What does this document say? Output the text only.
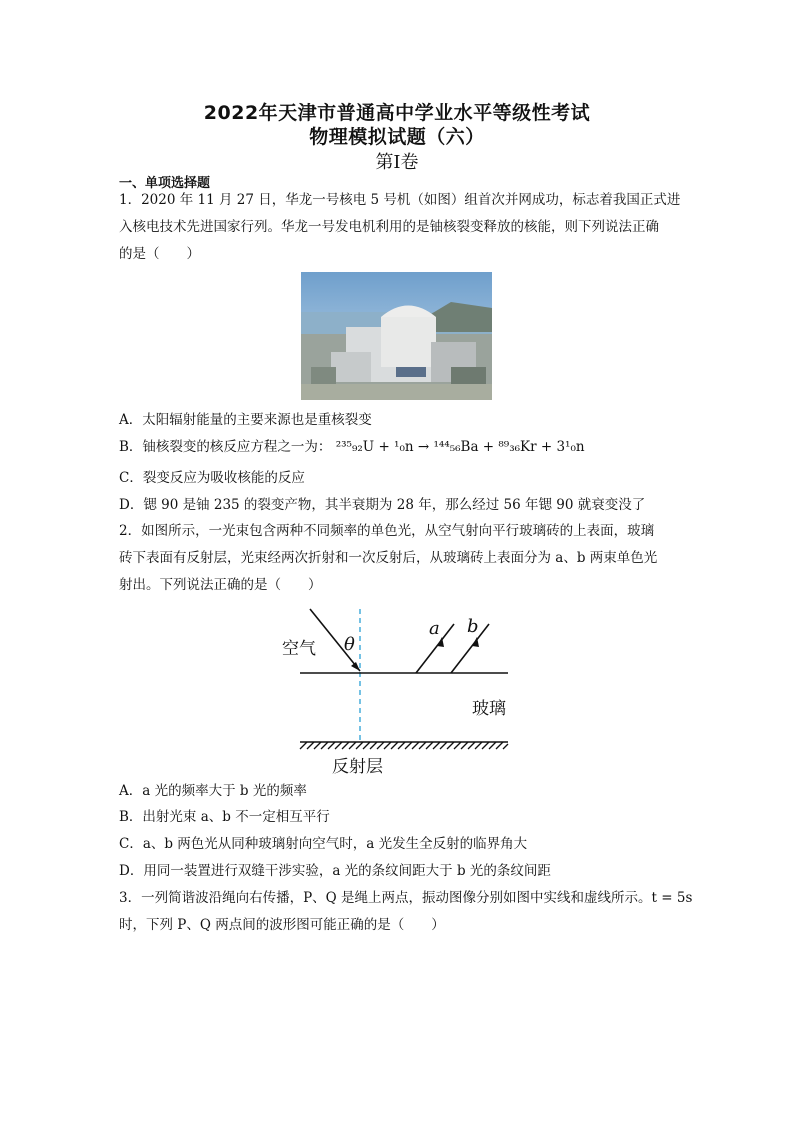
2022年天津市普通高中学业水平等级性考试
物理模拟试题（六）
第Ⅰ卷
一、单项选择题
1．2020 年 11 月 27 日，华龙一号核电 5 号机（如图）组首次并网成功，标志着我国正式进
入核电技术先进国家行列。华龙一号发电机利用的是铀核裂变释放的核能，则下列说法正确
的是（　　）
A．太阳辐射能量的主要来源也是重核裂变
B．铀核裂变的核反应方程之一为： ²³⁵₉₂U + ¹₀n → ¹⁴⁴₅₆Ba + ⁸⁹₃₆Kr + 3¹₀n
C．裂变反应为吸收核能的反应
D．锶 90 是铀 235 的裂变产物，其半衰期为 28 年，那么经过 56 年锶 90 就衰变没了
2．如图所示，一光束包含两种不同频率的单色光，从空气射向平行玻璃砖的上表面，玻璃
砖下表面有反射层，光束经两次折射和一次反射后，从玻璃砖上表面分为 a、b 两束单色光
射出。下列说法正确的是（　　）
空气 θ
a b
玻璃
反射层
A．a 光的频率大于 b 光的频率
B．出射光束 a、b 不一定相互平行
C．a、b 两色光从同种玻璃射向空气时，a 光发生全反射的临界角大
D．用同一装置进行双缝干涉实验，a 光的条纹间距大于 b 光的条纹间距
3．一列简谐波沿绳向右传播，P、Q 是绳上两点，振动图像分别如图中实线和虚线所示。t = 5s
时，下列 P、Q 两点间的波形图可能正确的是（　　）
